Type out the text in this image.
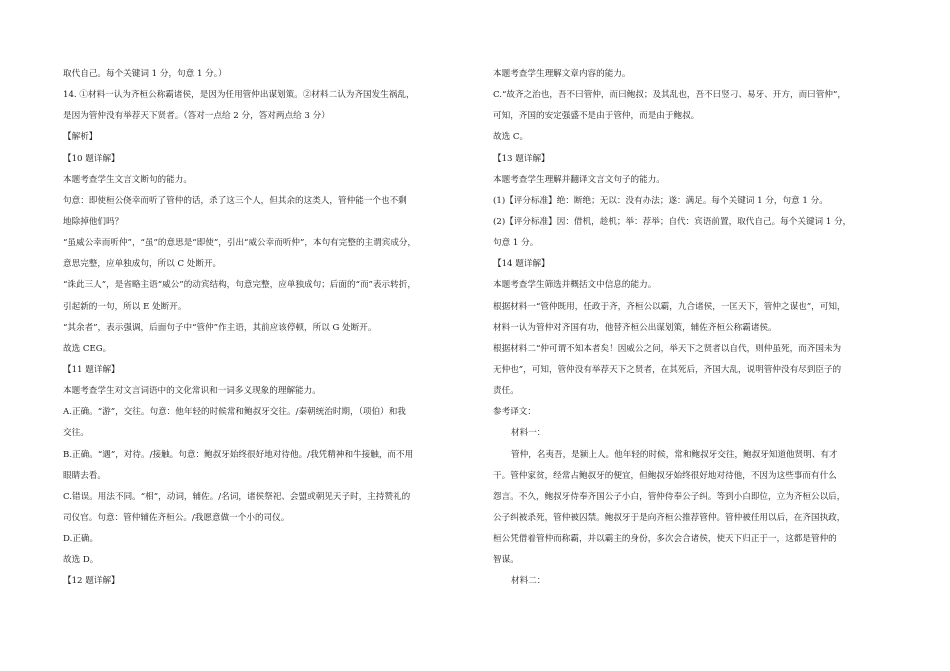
取代自己。每个关键词 1 分，句意 1 分。）
14. ①材料一认为齐桓公称霸诸侯，是因为任用管仲出谋划策。②材料二认为齐国发生祸乱，
是因为管仲没有举荐天下贤者。（答对一点给 2 分，答对两点给 3 分）
【解析】
【10 题详解】
本题考查学生文言文断句的能力。
句意：即使桓公侥幸而听了管仲的话，杀了这三个人，但其余的这类人，管仲能一个也不剩
地除掉他们吗？
“虽威公幸而听仲”，“虽”的意思是“即使”，引出“威公幸而听仲”，本句有完整的主谓宾成分，
意思完整，应单独成句，所以 C 处断开。
“诛此三人”，是省略主语“威公”的动宾结构，句意完整，应单独成句；后面的“而”表示转折，
引起新的一句，所以 E 处断开。
“其余者”，表示强调，后面句子中“管仲”作主语，其前应该停顿，所以 G 处断开。
故选 CEG。
【11 题详解】
本题考查学生对文言词语中的文化常识和一词多义现象的理解能力。
A.正确。“游”，交往。句意：他年轻的时候常和鲍叔牙交往。/秦朝统治时期，（项伯）和我
交往。
B.正确。“遇”，对待。/接触。句意：鲍叔牙始终很好地对待他。/我凭精神和牛接触，而不用
眼睛去看。
C.错误。用法不同。“相”，动词，辅佐。/名词，诸侯祭祀、会盟或朝见天子时，主持赞礼的
司仪官。句意：管仲辅佐齐桓公。/我愿意做一个小的司仪。
D.正确。
故选 D。
【12 题详解】
本题考查学生理解文章内容的能力。
C.“故齐之治也，吾不曰管仲，而曰鲍叔；及其乱也，吾不曰竖刁、易牙、开方，而曰管仲”，
可知，齐国的安定强盛不是由于管仲，而是由于鲍叔。
故选 C。
【13 题详解】
本题考查学生理解并翻译文言文句子的能力。
(1)【评分标准】绝：断绝；无以：没有办法；遂：满足。每个关键词 1 分，句意 1 分。
(2)【评分标准】因：借机，趁机；举：荐举；自代：宾语前置，取代自己。每个关键词 1 分，
句意 1 分。
【14 题详解】
本题考查学生筛选并概括文中信息的能力。
根据材料一“管仲既用，任政于齐，齐桓公以霸，九合诸侯，一匡天下，管仲之谋也”，可知，
材料一认为管仲对齐国有功，他替齐桓公出谋划策，辅佐齐桓公称霸诸侯。
根据材料二“仲可谓不知本者矣！因威公之问，举天下之贤者以自代，则仲虽死，而齐国未为
无仲也”，可知，管仲没有举荐天下之贤者，在其死后，齐国大乱，说明管仲没有尽到臣子的
责任。
参考译文：
材料一：
管仲，名夷吾，是颍上人。他年轻的时候，常和鲍叔牙交往，鲍叔牙知道他贤明、有才
干。管仲家贫，经常占鲍叔牙的便宜，但鲍叔牙始终很好地对待他，不因为这些事而有什么
怨言。不久，鲍叔牙侍奉齐国公子小白，管仲侍奉公子纠。等到小白即位，立为齐桓公以后，
公子纠被杀死，管仲被囚禁。鲍叔牙于是向齐桓公推荐管仲。管仲被任用以后，在齐国执政，
桓公凭借着管仲而称霸，并以霸主的身份，多次会合诸侯，使天下归正于一，这都是管仲的
智谋。
材料二：
